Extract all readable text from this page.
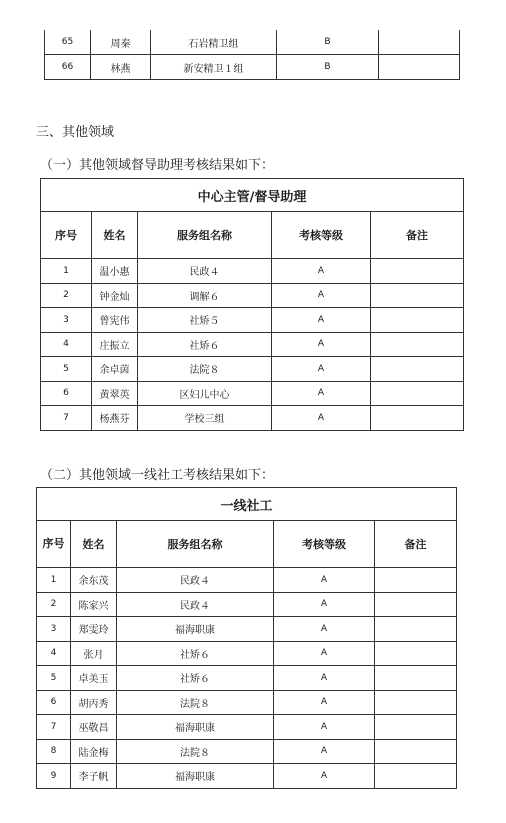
65	周秦	石岩精卫组	B	
66	林燕	新安精卫１组	B	
三、其他领域
（一）其他领域督导助理考核结果如下：
中心主管/督导助理				
序号	姓名	服务组名称	考核等级	备注
1	温小惠	民政４	A	
2	钟金灿	调解６	A	
3	曾宪伟	社矫５	A	
4	庄振立	社矫６	A	
5	余卓茵	法院８	A	
6	黄翠英	区妇儿中心	A	
7	杨燕芬	学校三组	A	
（二）其他领域一线社工考核结果如下：
一线社工				
序号	姓名	服务组名称	考核等级	备注
1	余东茂	民政４	A	
2	陈家兴	民政４	A	
3	郑雯玲	福海职康	A	
4	张月	社矫６	A	
5	卓美玉	社矫６	A	
6	胡丙秀	法院８	A	
7	巫敬昌	福海职康	A	
8	陆金梅	法院８	A	
9	李子帆	福海职康	A	
